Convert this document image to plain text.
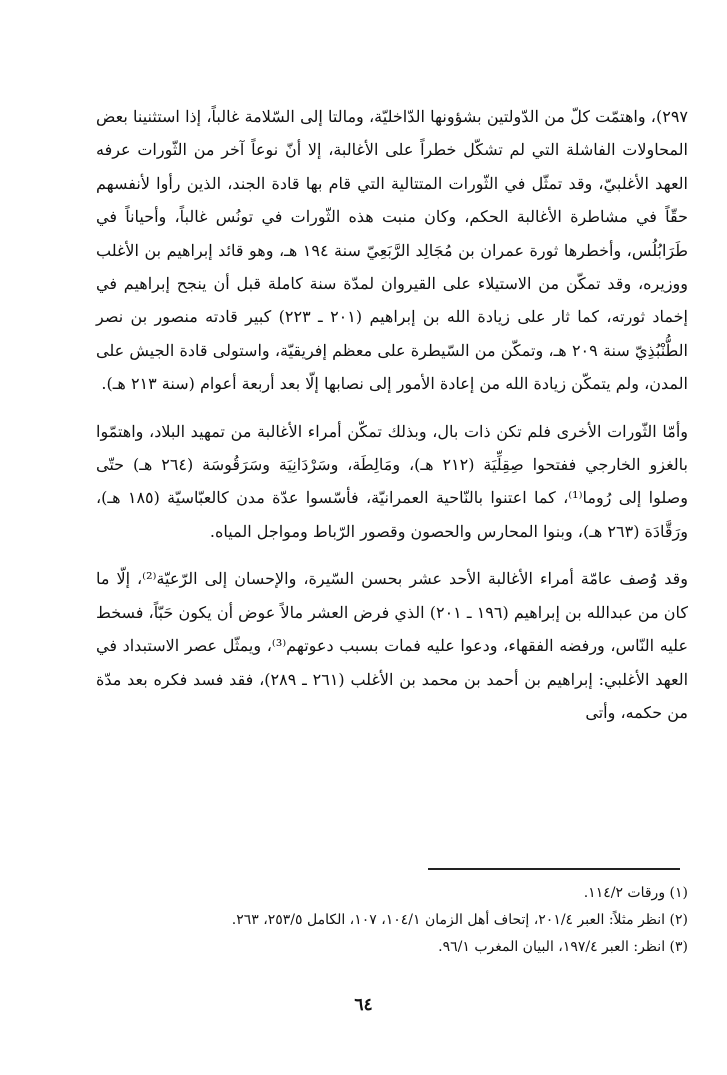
٢٩٧)، واهتمّت كلّ من الدّولتين بشؤونها الدّاخليّة، ومالتا إلى السّلامة غالباً، إذا استثنينا بعض المحاولات الفاشلة التي لم تشكّل خطراً على الأغالبة، إلا أنّ نوعاً آخر من الثّورات عرفه العهد الأغلبيّ، وقد تمثّل في الثّورات المتتالية التي قام بها قادة الجند، الذين رأوا لأنفسهم حقّاً في مشاطرة الأغالبة الحكم، وكان منبت هذه الثّورات في تونُس غالباً، وأحياناً في طَرَابُلُس، وأخطرها ثورة عمران بن مُجَالِد الرَّبَعِيّ سنة ١٩٤ هـ، وهو قائد إبراهيم بن الأغلب ووزيره، وقد تمكّن من الاستيلاء على القيروان لمدّة سنة كاملة قبل أن ينجح إبراهيم في إخماد ثورته، كما ثار على زيادة الله بن إبراهيم (٢٠١ ـ ٢٢٣) كبير قادته منصور بن نصر الطُّنْبُذِيّ سنة ٢٠٩ هـ، وتمكّن من السّيطرة على معظم إفريقيّة، واستولى قادة الجيش على المدن، ولم يتمكّن زيادة الله من إعادة الأمور إلى نصابها إلّا بعد أربعة أعوام (سنة ٢١٣ هـ).

وأمّا الثّورات الأخرى فلم تكن ذات بال، وبذلك تمكّن أمراء الأغالبة من تمهيد البلاد، واهتمّوا بالغزو الخارجي ففتحوا صِقِلِّيَة (٢١٢ هـ)، ومَالِطَة، وسَرْدَانِيَة وسَرَقُوسَة (٢٦٤ هـ) حتّى وصلوا إلى رُوما⁽¹⁾، كما اعتنوا بالنّاحية العمرانيّة، فأسّسوا عدّة مدن كالعبّاسيّة (١٨٥ هـ)، ورَقَّادَة (٢٦٣ هـ)، وبنوا المحارس والحصون وقصور الرّباط ومواجل المياه.

وقد وُصف عامّة أمراء الأغالبة الأحد عشر بحسن السّيرة، والإحسان إلى الرّعيّة⁽²⁾، إلّا ما كان من عبدالله بن إبراهيم (١٩٦ ـ ٢٠١) الذي فرض العشر مالاً عوض أن يكون حَبّاً، فسخط عليه النّاس، ورفضه الفقهاء، ودعوا عليه فمات بسبب دعوتهم⁽³⁾، ويمثّل عصر الاستبداد في العهد الأغلبي: إبراهيم بن أحمد بن محمد بن الأغلب (٢٦١ ـ ٢٨٩)، فقد فسد فكره بعد مدّة من حكمه، وأتى

(١) ورقات ١١٤/٢.

(٢) انظر مثلاً: العبر ٢٠١/٤، إتحاف أهل الزمان ١٠٤/١، ١٠٧، الكامل ٢٥٣/٥، ٢٦٣.

(٣) انظر: العبر ١٩٧/٤، البيان المغرب ٩٦/١.

٦٤
